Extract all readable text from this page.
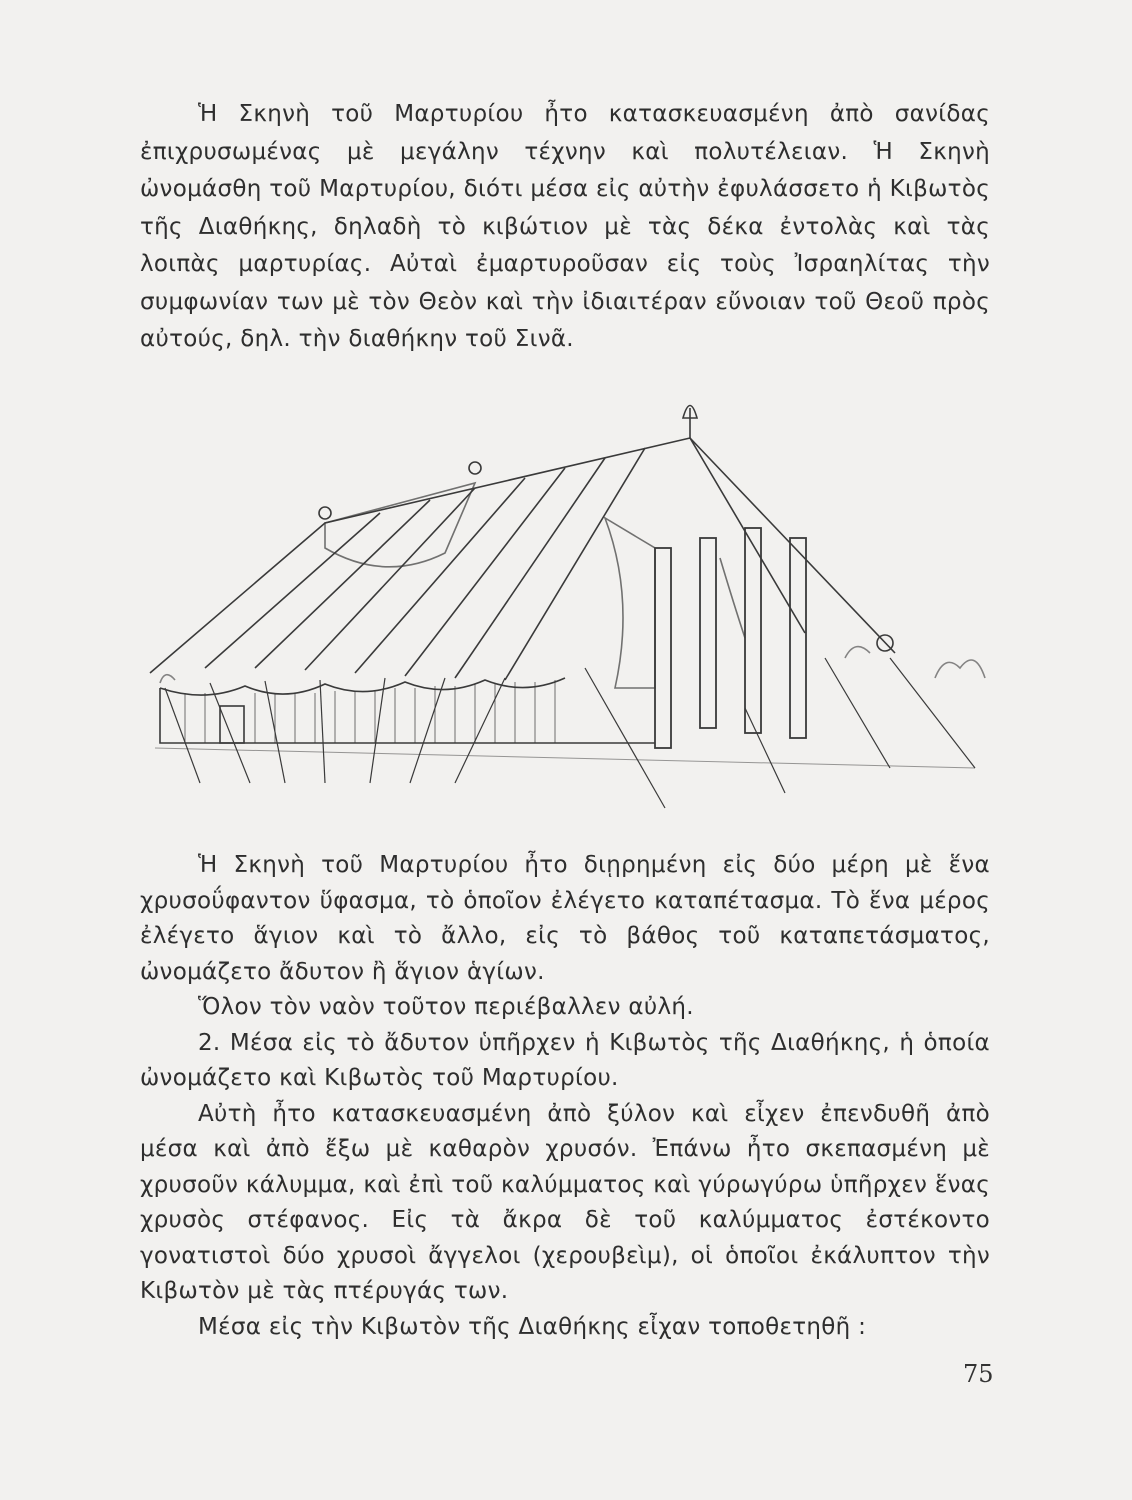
Ἡ Σκηνὴ τοῦ Μαρτυρίου ἦτο κατασκευασμένη ἀπὸ σανίδας ἐπιχρυσωμένας μὲ μεγάλην τέχνην καὶ πολυτέλειαν. Ἡ Σκηνὴ ὠνομάσθη τοῦ Μαρτυρίου, διότι μέσα εἰς αὐτὴν ἐφυλάσσετο ἡ Κιβωτὸς τῆς Διαθήκης, δηλαδὴ τὸ κιβώτιον μὲ τὰς δέκα ἐντολὰς καὶ τὰς λοιπὰς μαρτυρίας. Αὐταὶ ἐμαρτυροῦσαν εἰς τοὺς Ἰσραηλίτας τὴν συμφωνίαν των μὲ τὸν Θεὸν καὶ τὴν ἰδιαιτέραν εὔνοιαν τοῦ Θεοῦ πρὸς αὐτούς, δηλ. τὴν διαθήκην τοῦ Σινᾶ.

Ἡ Σκηνὴ τοῦ Μαρτυρίου ἦτο διῃρημένη εἰς δύο μέρη μὲ ἕνα χρυσοΰφαντον ὕφασμα, τὸ ὁποῖον ἐλέγετο καταπέτασμα. Τὸ ἕνα μέρος ἐλέγετο ἅγιον καὶ τὸ ἄλλο, εἰς τὸ βάθος τοῦ καταπετάσματος, ὠνομάζετο ἄδυτον ἢ ἅγιον ἁγίων.

Ὅλον τὸν ναὸν τοῦτον περιέβαλλεν αὐλή.

2. Μέσα εἰς τὸ ἄδυτον ὑπῆρχεν ἡ Κιβωτὸς τῆς Διαθήκης, ἡ ὁποία ὠνομάζετο καὶ Κιβωτὸς τοῦ Μαρτυρίου.

Αὐτὴ ἦτο κατασκευασμένη ἀπὸ ξύλον καὶ εἶχεν ἐπενδυθῆ ἀπὸ μέσα καὶ ἀπὸ ἔξω μὲ καθαρὸν χρυσόν. Ἐπάνω ἦτο σκεπασμένη μὲ χρυσοῦν κάλυμμα, καὶ ἐπὶ τοῦ καλύμματος καὶ γύρωγύρω ὑπῆρχεν ἕνας χρυσὸς στέφανος. Εἰς τὰ ἄκρα δὲ τοῦ καλύμματος ἐστέκοντο γονατιστοὶ δύο χρυσοὶ ἄγγελοι (χερουβεὶμ), οἱ ὁποῖοι ἐκάλυπτον τὴν Κιβωτὸν μὲ τὰς πτέρυγάς των.

Μέσα εἰς τὴν Κιβωτὸν τῆς Διαθήκης εἶχαν τοποθετηθῆ :

75
